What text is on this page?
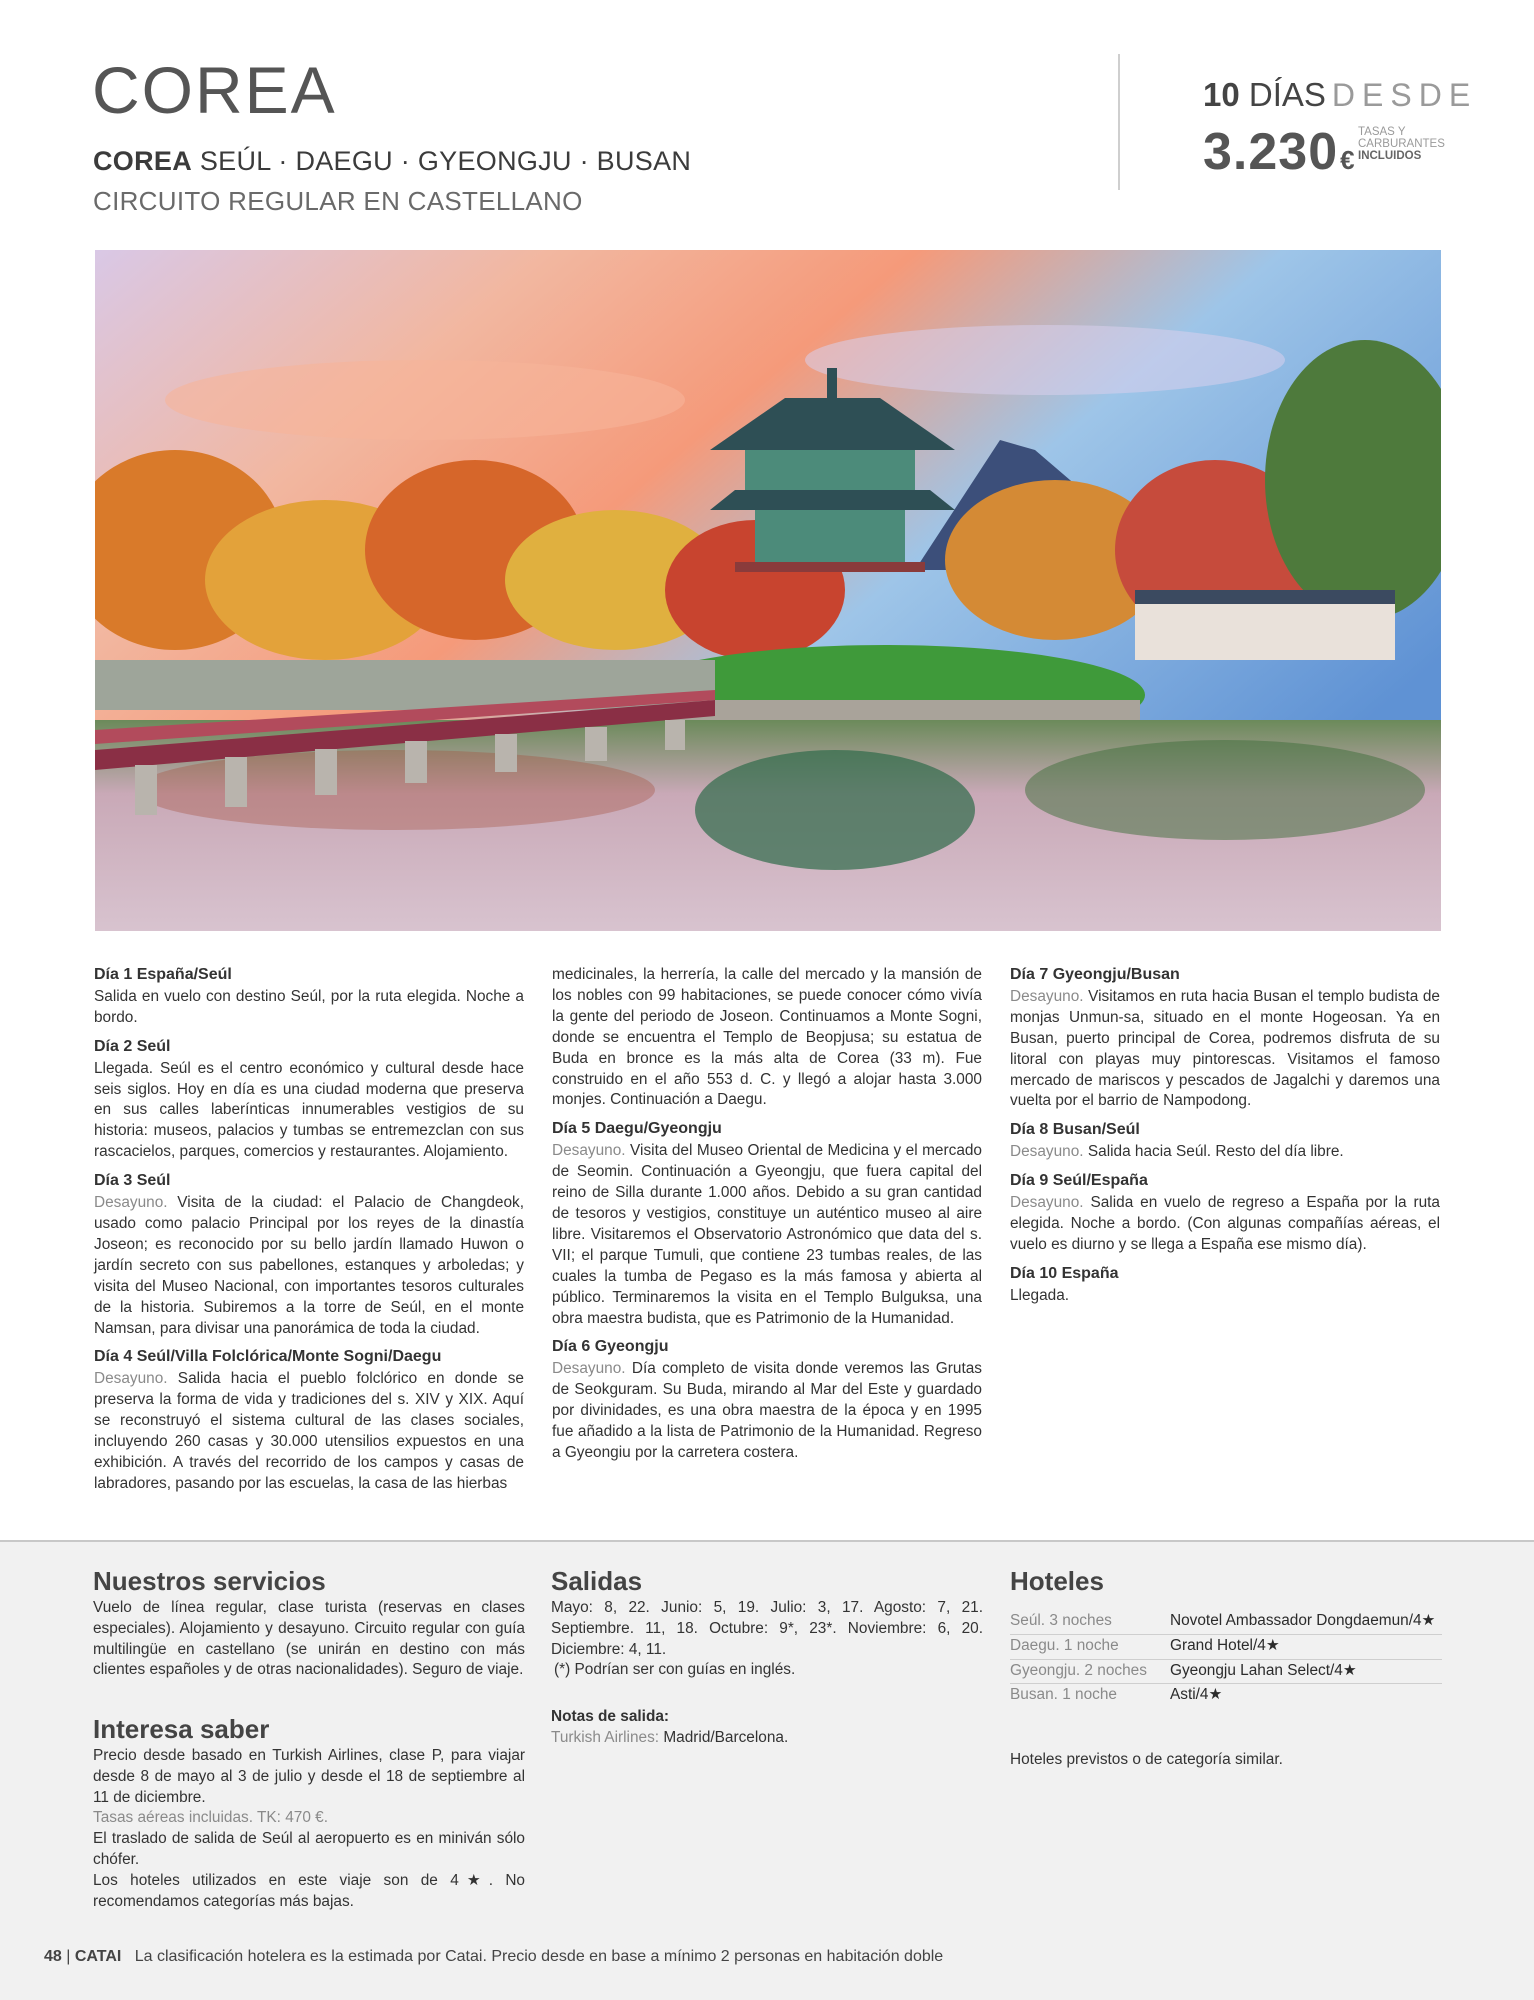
COREA
COREA SEÚL · DAEGU · GYEONGJU · BUSAN
CIRCUITO REGULAR EN CASTELLANO
10 DÍAS DESDE
3.230€
TASAS Y
CARBURANTES
INCLUIDOS
Día 1 España/Seúl

Salida en vuelo con destino Seúl, por la ruta elegida. Noche a bordo.

Día 2 Seúl

Llegada. Seúl es el centro económico y cultural desde hace seis siglos. Hoy en día es una ciudad moderna que preserva en sus calles laberínticas innumerables vestigios de su historia: museos, palacios y tumbas se entremezclan con sus rascacielos, parques, comercios y restaurantes. Alojamiento.

Día 3 Seúl

Desayuno. Visita de la ciudad: el Palacio de Changdeok, usado como palacio Principal por los reyes de la dinastía Joseon; es reconocido por su bello jardín llamado Huwon o jardín secreto con sus pabellones, estanques y arboledas; y visita del Museo Nacional, con importantes tesoros culturales de la historia. Subiremos a la torre de Seúl, en el monte Namsan, para divisar una panorámica de toda la ciudad.

Día 4 Seúl/Villa Folclórica/Monte Sogni/Daegu

Desayuno. Salida hacia el pueblo folclórico en donde se preserva la forma de vida y tradiciones del s. XIV y XIX. Aquí se reconstruyó el sistema cultural de las clases sociales, incluyendo 260 casas y 30.000 utensilios expuestos en una exhibición. A través del recorrido de los campos y casas de labradores, pasando por las escuelas, la casa de las hierbas

medicinales, la herrería, la calle del mercado y la mansión de los nobles con 99 habitaciones, se puede conocer cómo vivía la gente del periodo de Joseon. Continuamos a Monte Sogni, donde se encuentra el Templo de Beopjusa; su estatua de Buda en bronce es la más alta de Corea (33 m). Fue construido en el año 553 d. C. y llegó a alojar hasta 3.000 monjes. Continuación a Daegu.

Día 5 Daegu/Gyeongju

Desayuno. Visita del Museo Oriental de Medicina y el mercado de Seomin. Continuación a Gyeongju, que fuera capital del reino de Silla durante 1.000 años. Debido a su gran cantidad de tesoros y vestigios, constituye un auténtico museo al aire libre. Visitaremos el Observatorio Astronómico que data del s. VII; el parque Tumuli, que contiene 23 tumbas reales, de las cuales la tumba de Pegaso es la más famosa y abierta al público. Terminaremos la visita en el Templo Bulguksa, una obra maestra budista, que es Patrimonio de la Humanidad.

Día 6 Gyeongju

Desayuno. Día completo de visita donde veremos las Grutas de Seokguram. Su Buda, mirando al Mar del Este y guardado por divinidades, es una obra maestra de la época y en 1995 fue añadido a la lista de Patrimonio de la Humanidad. Regreso a Gyeongiu por la carretera costera.

Día 7 Gyeongju/Busan

Desayuno. Visitamos en ruta hacia Busan el templo budista de monjas Unmun-sa, situado en el monte Hogeosan. Ya en Busan, puerto principal de Corea, podremos disfruta de su litoral con playas muy pintorescas. Visitamos el famoso mercado de mariscos y pescados de Jagalchi y daremos una vuelta por el barrio de Nampodong.

Día 8 Busan/Seúl

Desayuno. Salida hacia Seúl. Resto del día libre.

Día 9 Seúl/España

Desayuno. Salida en vuelo de regreso a España por la ruta elegida. Noche a bordo. (Con algunas compañías aéreas, el vuelo es diurno y se llega a España ese mismo día).

Día 10 España

Llegada.

Nuestros servicios

Vuelo de línea regular, clase turista (reservas en clases especiales). Alojamiento y desayuno. Circuito regular con guía multilingüe en castellano (se unirán en destino con más clientes españoles y de otras nacionalidades). Seguro de viaje.

Interesa saber

Precio desde basado en Turkish Airlines, clase P, para viajar desde 8 de mayo al 3 de julio y desde el 18 de septiembre al 11 de diciembre.

Tasas aéreas incluidas. TK: 470 €.

El traslado de salida de Seúl al aeropuerto es en miniván sólo chófer.

Los hoteles utilizados en este viaje son de 4★. No recomendamos categorías más bajas.

Salidas

Mayo: 8, 22. Junio: 5, 19. Julio: 3, 17. Agosto: 7, 21. Septiembre. 11, 18. Octubre: 9*, 23*. Noviembre: 6, 20. Diciembre: 4, 11.

(*) Podrían ser con guías en inglés.

Notas de salida:

Turkish Airlines: Madrid/Barcelona.

Hoteles
Seúl. 3 noches	Novotel Ambassador Dongdaemun/4★
Daegu. 1 noche	Grand Hotel/4★
Gyeongju. 2 noches	Gyeongju Lahan Select/4★
Busan. 1 noche	Asti/4★
Hoteles previstos o de categoría similar.
48 | CATAI La clasificación hotelera es la estimada por Catai. Precio desde en base a mínimo 2 personas en habitación doble
